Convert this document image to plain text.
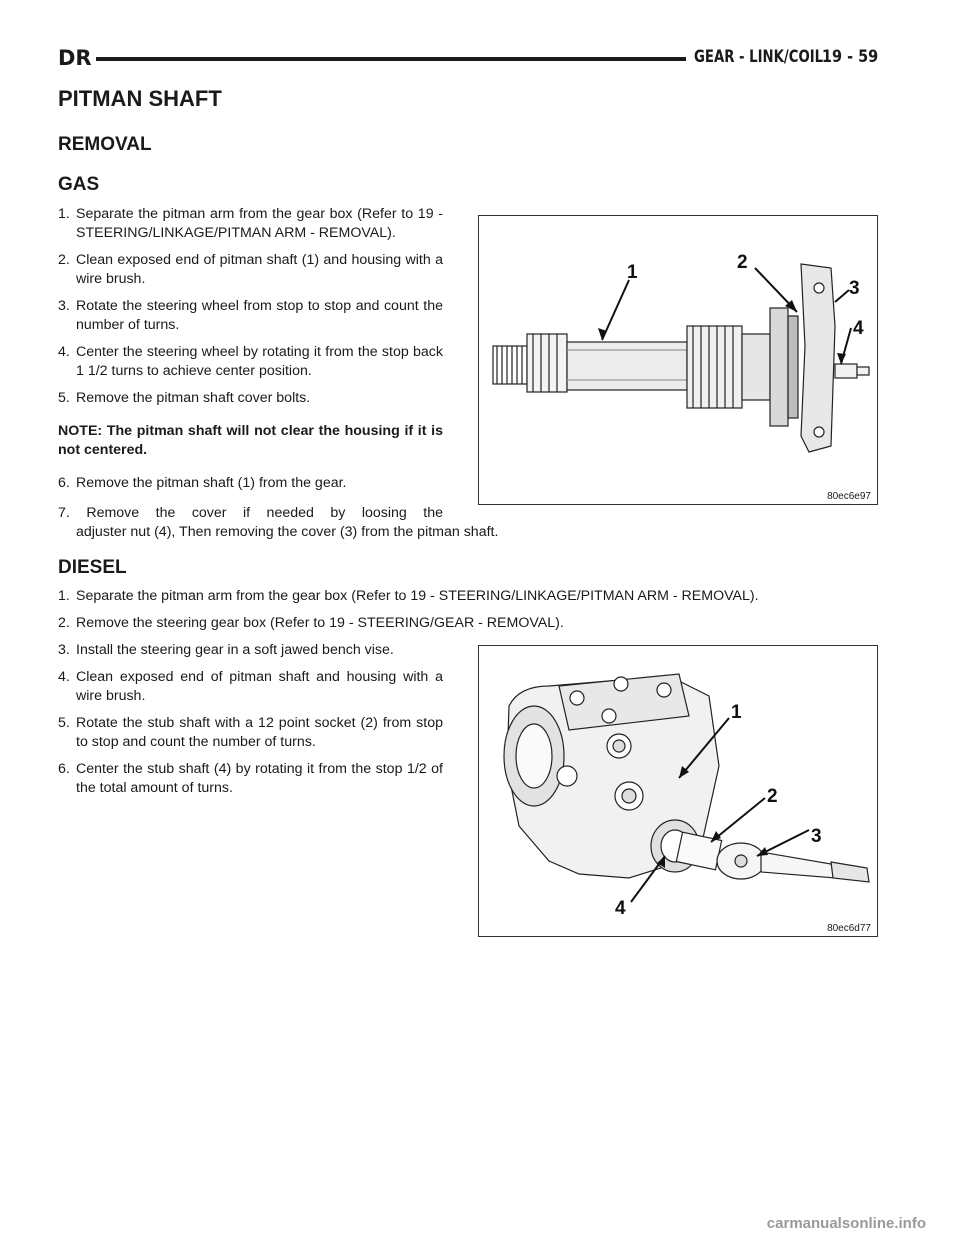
DR	GEAR - LINK/COIL
19 - 59
PITMAN SHAFT
REMOVAL
GAS
1. Separate the pitman arm from the gear box (Refer to 19 - STEERING/LINKAGE/PITMAN ARM - REMOVAL).
2. Clean exposed end of pitman shaft (1) and housing with a wire brush.
3. Rotate the steering wheel from stop to stop and count the number of turns.
4. Center the steering wheel by rotating it from the stop back 1 1/2 turns to achieve center position.
5. Remove the pitman shaft cover bolts.
NOTE: The pitman shaft will not clear the housing if it is not centered.
6. Remove the pitman shaft (1) from the gear.
7. Remove the cover if needed by loosing the
adjuster nut (4), Then removing the cover (3) from the pitman shaft.
1	2
3
4
80ec6e97
DIESEL
1. Separate the pitman arm from the gear box (Refer to 19 - STEERING/LINKAGE/PITMAN ARM - REMOVAL).
2. Remove the steering gear box (Refer to 19 - STEERING/GEAR - REMOVAL).
3. Install the steering gear in a soft jawed bench vise.
4. Clean exposed end of pitman shaft and housing with a wire brush.
5. Rotate the stub shaft with a 12 point socket (2) from stop to stop and count the number of turns.
6. Center the stub shaft (4) by rotating it from the stop 1/2 of the total amount of turns.
1
2
3
4
80ec6d77
carmanualsonline.info
